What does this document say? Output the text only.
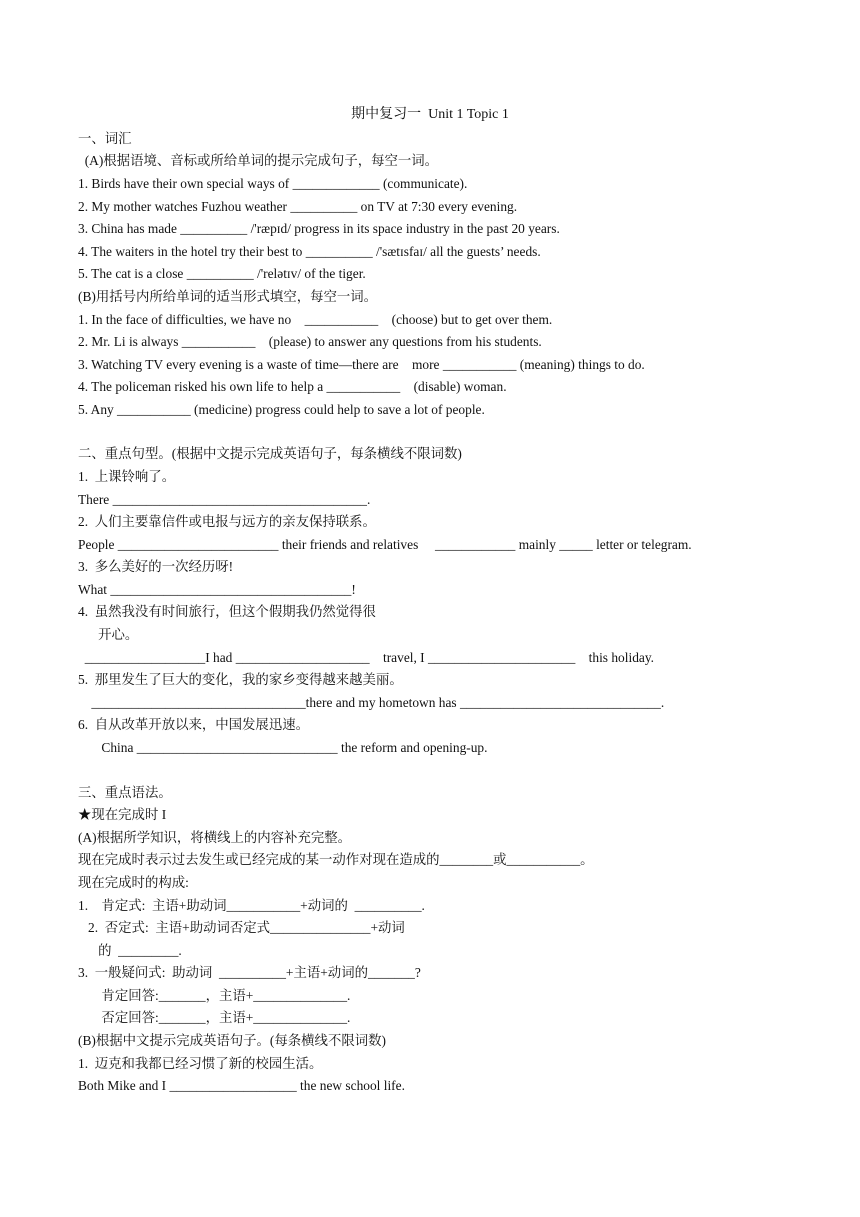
期中复习一  Unit 1 Topic 1
一、词汇
(A)根据语境、音标或所给单词的提示完成句子，每空一词。
1. Birds have their own special ways of _____________ (communicate).
2. My mother watches Fuzhou weather __________ on TV at 7:30 every evening.
3. China has made __________ /'ræpɪd/ progress in its space industry in the past 20 years.
4. The waiters in the hotel try their best to __________ /'sætɪsfaɪ/ all the guests’ needs.
5. The cat is a close __________ /'relətɪv/ of the tiger.
(B)用括号内所给单词的适当形式填空，每空一词。
1. In the face of difficulties, we have no    ___________    (choose) but to get over them.
2. Mr. Li is always ___________    (please) to answer any questions from his students.
3. Watching TV every evening is a waste of time—there are    more ___________ (meaning) things to do.
4. The policeman risked his own life to help a ___________    (disable) woman.
5. Any ___________ (medicine) progress could help to save a lot of people.
二、重点句型。(根据中文提示完成英语句子，每条横线不限词数)
1.  上课铃响了。
There ______________________________________.
2.  人们主要靠信件或电报与远方的亲友保持联系。
People ________________________ their friends and relatives     ____________ mainly _____ letter or telegram.
3.  多么美好的一次经历呀!
What ____________________________________!
4.  虽然我没有时间旅行，但这个假期我仍然觉得很
开心。
__________________I had ____________________    travel, I ______________________    this holiday.
5.  那里发生了巨大的变化，我的家乡变得越来越美丽。
________________________________there and my hometown has ______________________________.
6.  自从改革开放以来，中国发展迅速。
China ______________________________ the reform and opening-up.
三、重点语法。
★现在完成时 I
(A)根据所学知识，将横线上的内容补充完整。
现在完成时表示过去发生或已经完成的某一动作对现在造成的________或___________。
现在完成时的构成:
1.    肯定式:  主语+助动词___________+动词的  __________.
2.  否定式:  主语+助动词否定式_______________+动词
的  _________.
3.  一般疑问式:  助动词  __________+主语+动词的_______?
肯定回答:_______，主语+______________.
否定回答:_______，主语+______________.
(B)根据中文提示完成英语句子。(每条横线不限词数)
1.  迈克和我都已经习惯了新的校园生活。
Both Mike and I ___________________ the new school life.
